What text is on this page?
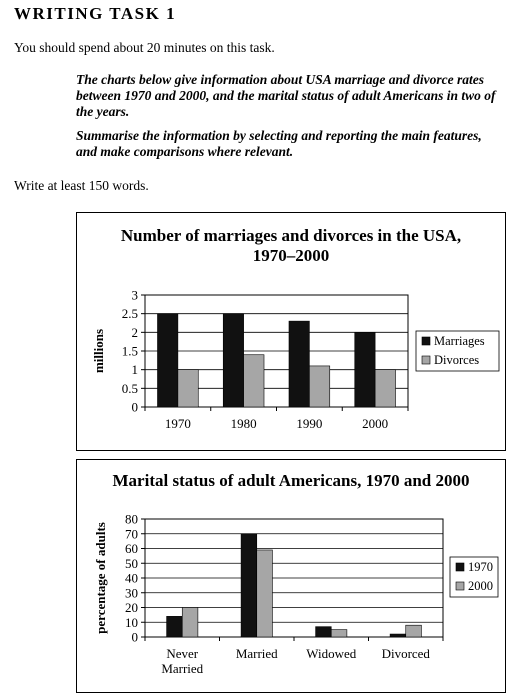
WRITING TASK 1
You should spend about 20 minutes on this task.
The charts below give information about USA marriage and divorce rates between 1970 and 2000, and the marital status of adult Americans in two of the years.
Summarise the information by selecting and reporting the main features, and make comparisons where relevant.
Write at least 150 words.
Number of marriages and divorces in the USA,
1970–2000
0
0.5
1
1.5
2
2.5
3
millions
1970	1980	1990	2000
Marriages
Divorces
Marital status of adult Americans, 1970 and 2000
0
10
20
30
40
50
60
70
80
percentage of adults
Never
Married
Married Widowed Divorced
1970
2000
